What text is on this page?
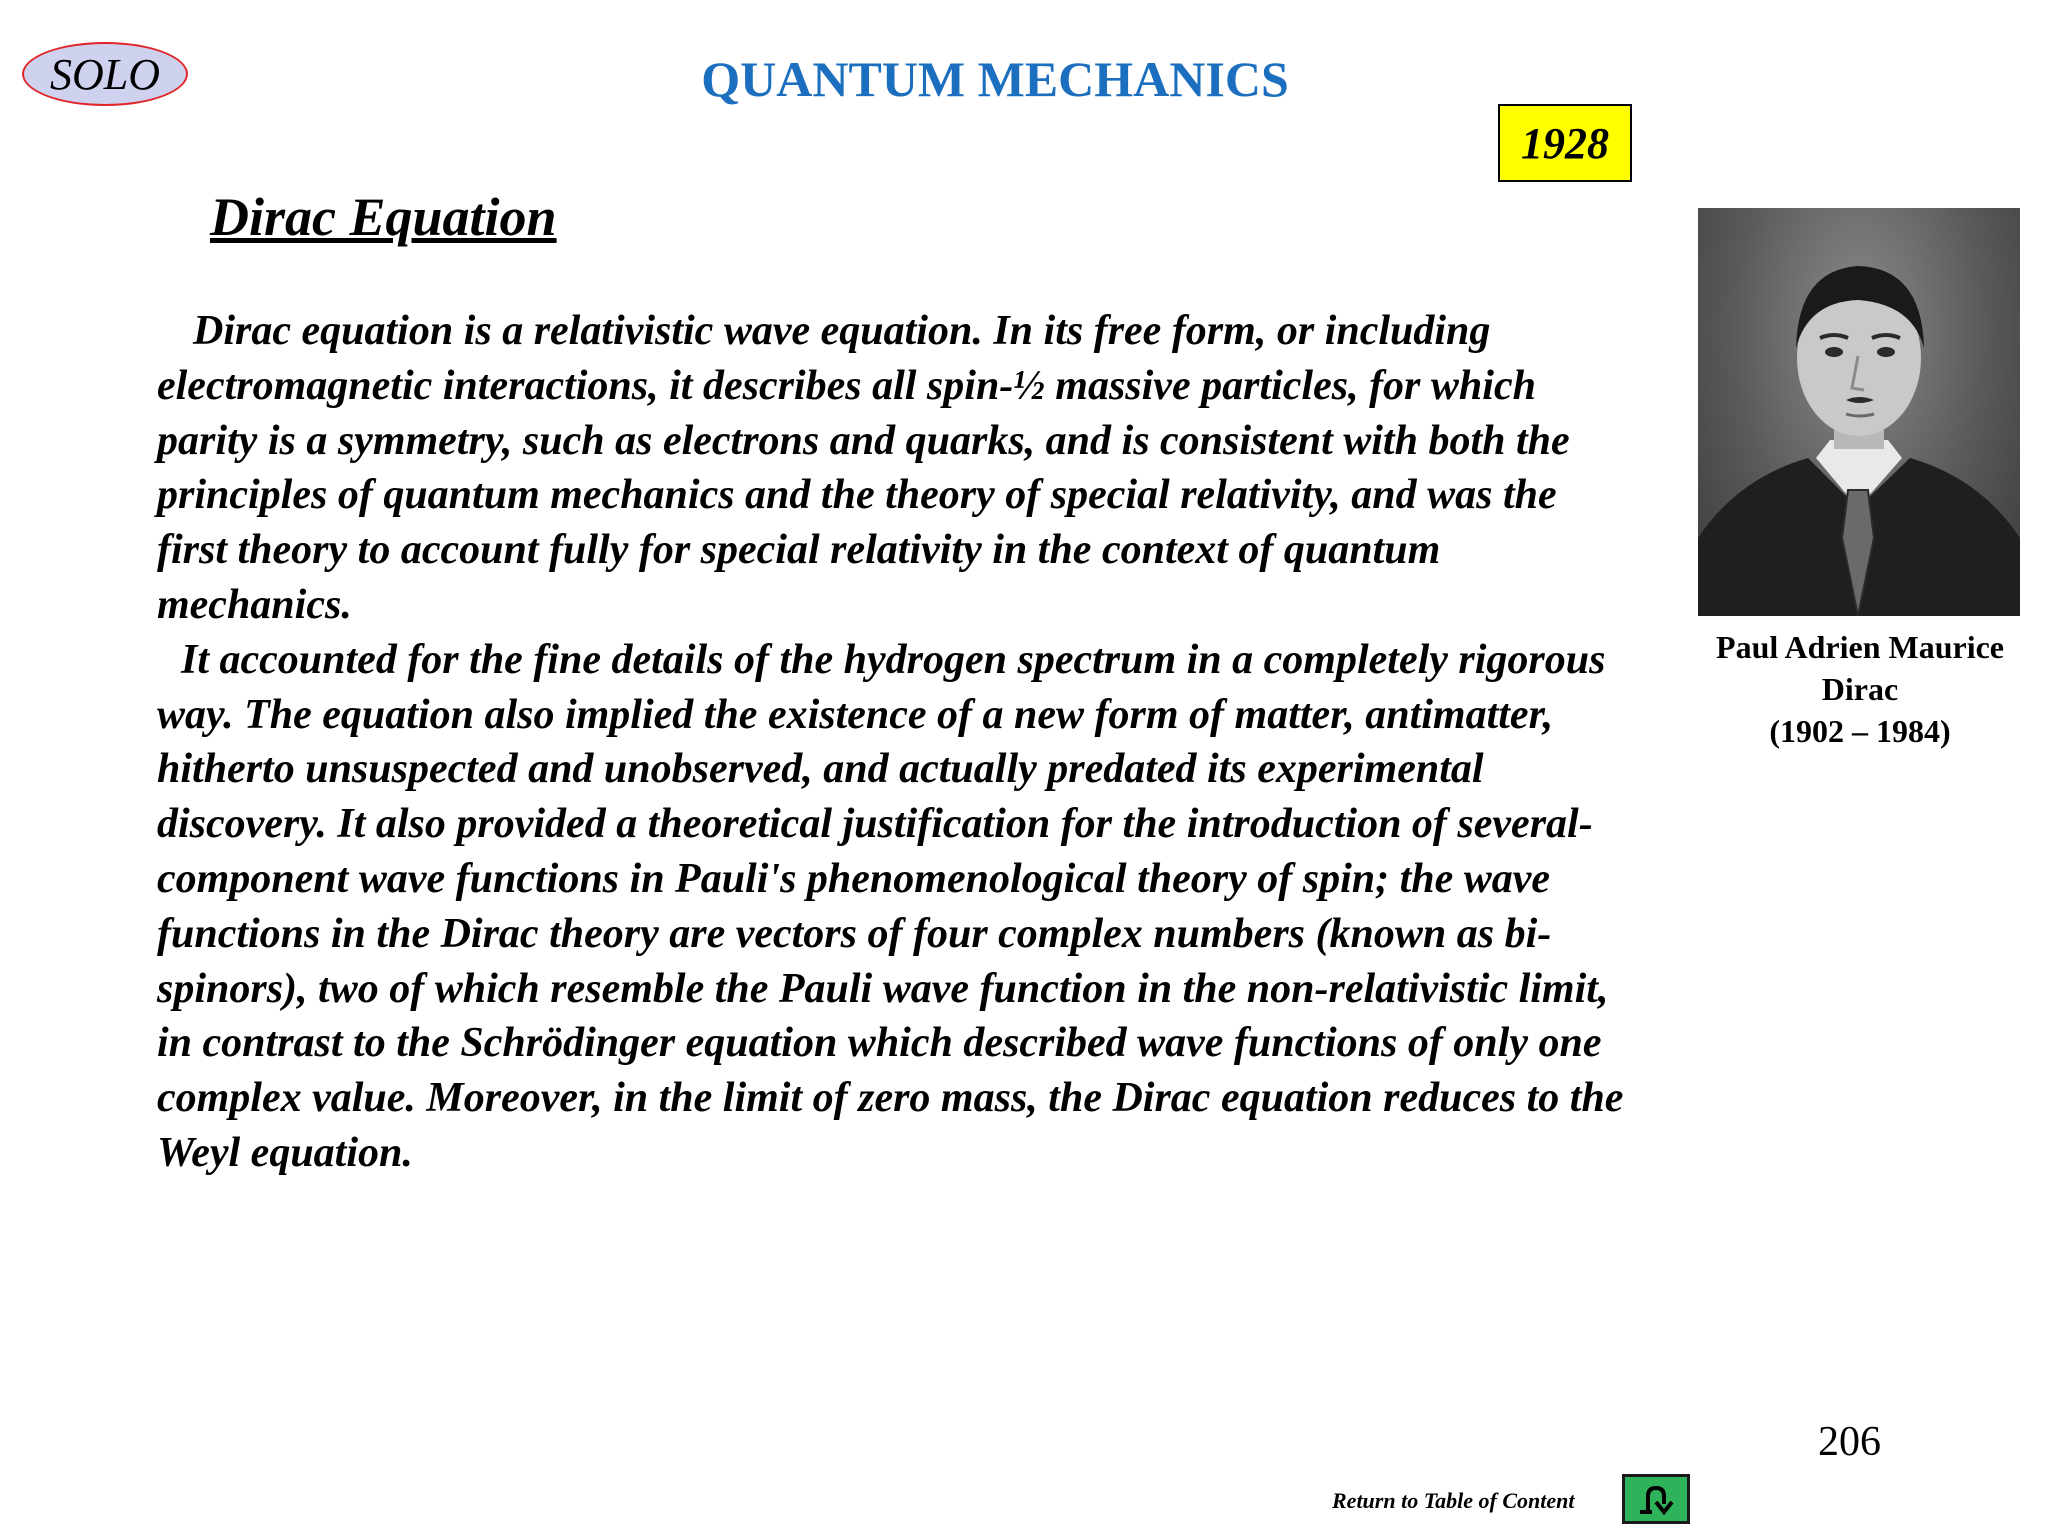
SOLO	QUANTUM MECHANICS
1928
Dirac Equation

Dirac equation is a relativistic wave equation. In its free form, or including electromagnetic interactions, it describes all spin-½ massive particles, for which parity is a symmetry, such as electrons and quarks, and is consistent with both the principles of quantum mechanics and the theory of special relativity, and was the first theory to account fully for special relativity in the context of quantum mechanics.

It accounted for the fine details of the hydrogen spectrum in a completely rigorous way. The equation also implied the existence of a new form of matter, antimatter, hitherto unsuspected and unobserved, and actually predated its experimental discovery. It also provided a theoretical justification for the introduction of several-component wave functions in Pauli's phenomenological theory of spin; the wave functions in the Dirac theory are vectors of four complex numbers (known as bi-spinors), two of which resemble the Pauli wave function in the non-relativistic limit, in contrast to the Schrödinger equation which described wave functions of only one complex value. Moreover, in the limit of zero mass, the Dirac equation reduces to the Weyl equation.

Paul Adrien Maurice
Dirac
(1902 – 1984)
206
Return to Table of Content
